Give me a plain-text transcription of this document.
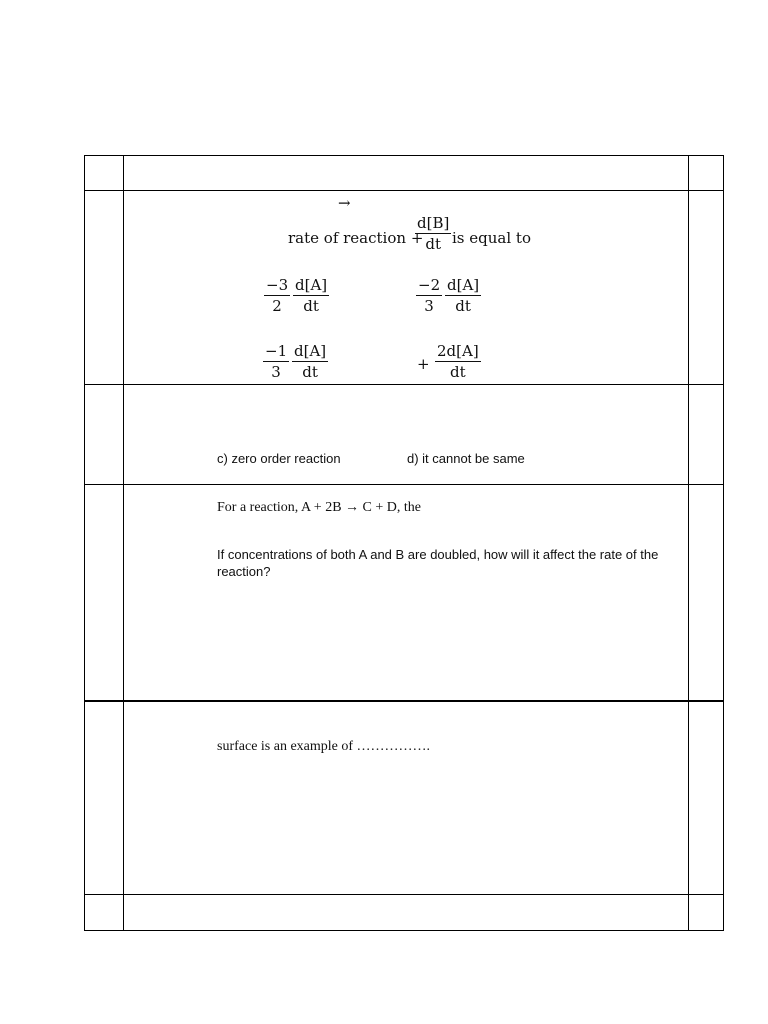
→
rate of reaction +
$\frac{d[B]}{dt}$ is equal to
$\frac{-3}{2} \frac{d[A]}{dt}$	$\frac{-2}{3} \frac{d[A]}{dt}$
$\frac{-1}{3} \frac{d[A]}{dt}$	+ $\frac{2d[A]}{dt}$
c) zero order reaction	d) it cannot be same
For a reaction, A + 2B → C + D, the
If concentrations of both A and B are doubled, how will it affect the rate of the
reaction?
surface is an example of …………….
